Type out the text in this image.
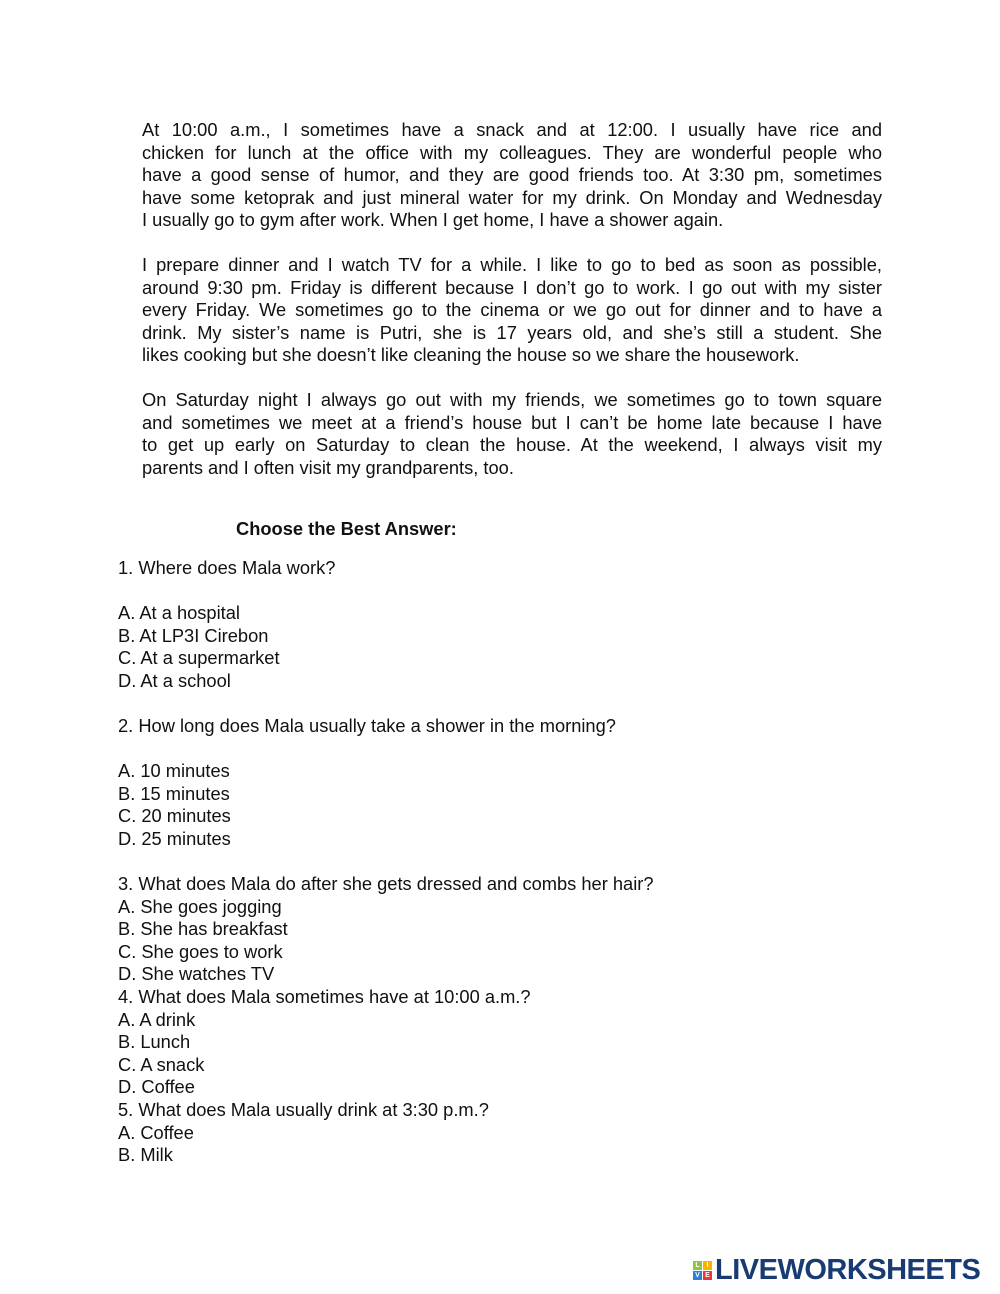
At 10:00 a.m., I sometimes have a snack and at 12:00. I usually have rice and
chicken for lunch at the office with my colleagues. They are wonderful people who
have a good sense of humor, and they are good friends too. At 3:30 pm, sometimes
have some ketoprak and just mineral water for my drink. On Monday and Wednesday
I usually go to gym after work. When I get home, I have a shower again.
I prepare dinner and I watch TV for a while. I like to go to bed as soon as possible,
around 9:30 pm. Friday is different because I don’t go to work. I go out with my sister
every Friday. We sometimes go to the cinema or we go out for dinner and to have a
drink. My sister’s name is Putri, she is 17 years old, and she’s still a student. She
likes cooking but she doesn’t like cleaning the house so we share the housework.
On Saturday night I always go out with my friends, we sometimes go to town square
and sometimes we meet at a friend’s house but I can’t be home late because I have
to get up early on Saturday to clean the house. At the weekend, I always visit my
parents and I often visit my grandparents, too.
Choose the Best Answer:
1. Where does Mala work?
A. At a hospital
B. At LP3I Cirebon
C. At a supermarket
D. At a school
2. How long does Mala usually take a shower in the morning?
A. 10 minutes
B. 15 minutes
C. 20 minutes
D. 25 minutes
3. What does Mala do after she gets dressed and combs her hair?
A. She goes jogging
B. She has breakfast
C. She goes to work
D. She watches TV
4. What does Mala sometimes have at 10:00 a.m.?
A. A drink
B. Lunch
C. A snack
D. Coffee
5. What does Mala usually drink at 3:30 p.m.?
A. Coffee
B. Milk
L I
V E LIVEWORKSHEETS
